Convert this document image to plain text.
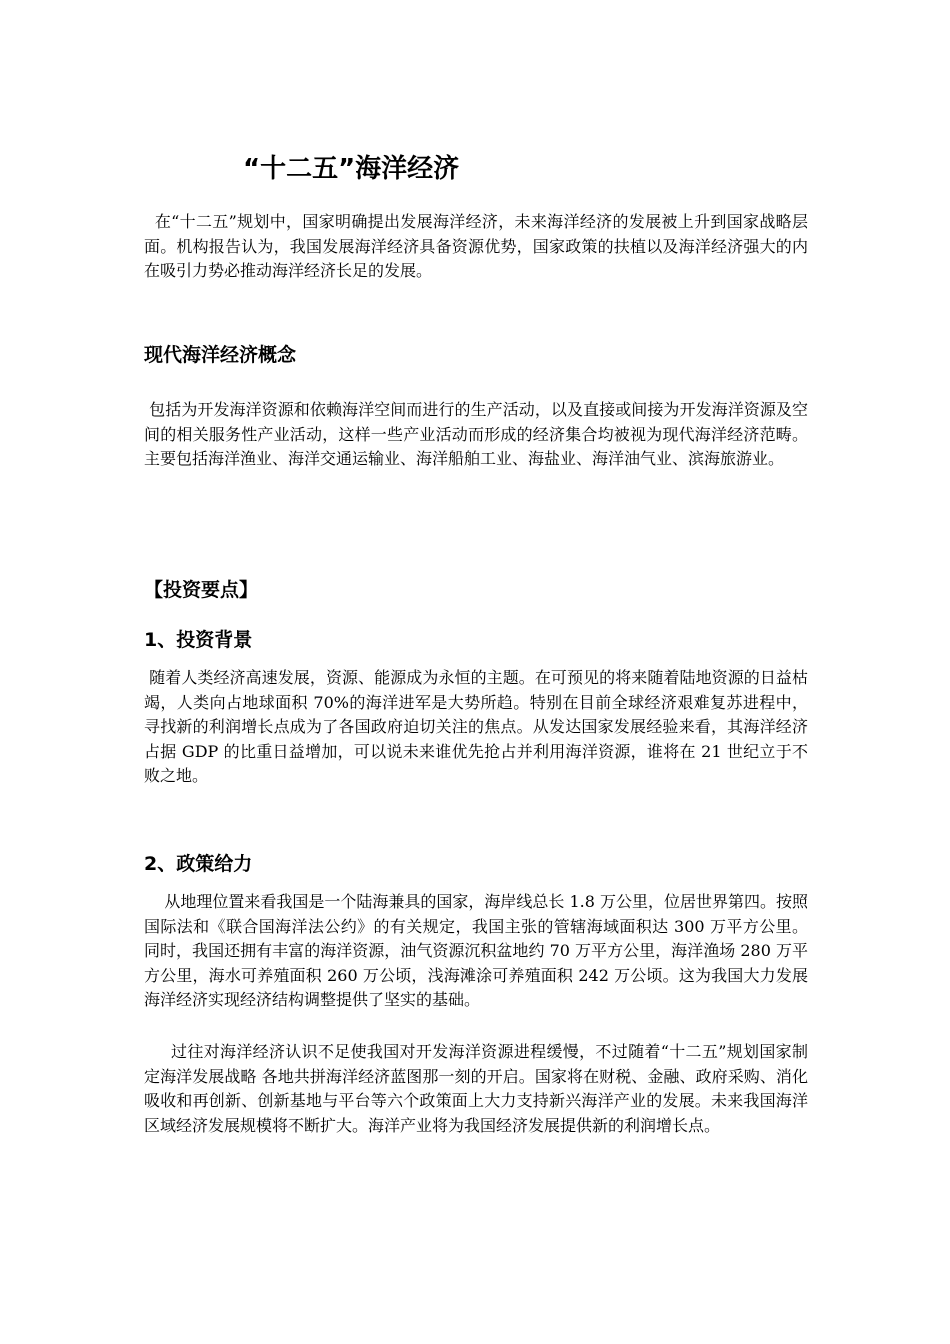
“十二五”海洋经济

在“十二五”规划中，国家明确提出发展海洋经济，未来海洋经济的发展被上升到国家战略层面。机构报告认为，我国发展海洋经济具备资源优势，国家政策的扶植以及海洋经济强大的内在吸引力势必推动海洋经济长足的发展。

现代海洋经济概念

包括为开发海洋资源和依赖海洋空间而进行的生产活动，以及直接或间接为开发海洋资源及空间的相关服务性产业活动，这样一些产业活动而形成的经济集合均被视为现代海洋经济范畴。主要包括海洋渔业、海洋交通运输业、海洋船舶工业、海盐业、海洋油气业、滨海旅游业。

【投资要点】
1、投资背景

随着人类经济高速发展，资源、能源成为永恒的主题。在可预见的将来随着陆地资源的日益枯竭，人类向占地球面积 70%的海洋进军是大势所趋。特别在目前全球经济艰难复苏进程中，寻找新的利润增长点成为了各国政府迫切关注的焦点。从发达国家发展经验来看，其海洋经济占据 GDP 的比重日益增加，可以说未来谁优先抢占并利用海洋资源，谁将在 21 世纪立于不败之地。

2、政策给力

从地理位置来看我国是一个陆海兼具的国家，海岸线总长 1.8 万公里，位居世界第四。按照国际法和《联合国海洋法公约》的有关规定，我国主张的管辖海域面积达 300 万平方公里。同时，我国还拥有丰富的海洋资源，油气资源沉积盆地约 70 万平方公里，海洋渔场 280 万平方公里，海水可养殖面积 260 万公顷，浅海滩涂可养殖面积 242 万公顷。这为我国大力发展海洋经济实现经济结构调整提供了坚实的基础。

过往对海洋经济认识不足使我国对开发海洋资源进程缓慢，不过随着“十二五”规划国家制定海洋发展战略 各地共拼海洋经济蓝图那一刻的开启。国家将在财税、金融、政府采购、消化吸收和再创新、创新基地与平台等六个政策面上大力支持新兴海洋产业的发展。未来我国海洋区域经济发展规模将不断扩大。海洋产业将为我国经济发展提供新的利润增长点。
